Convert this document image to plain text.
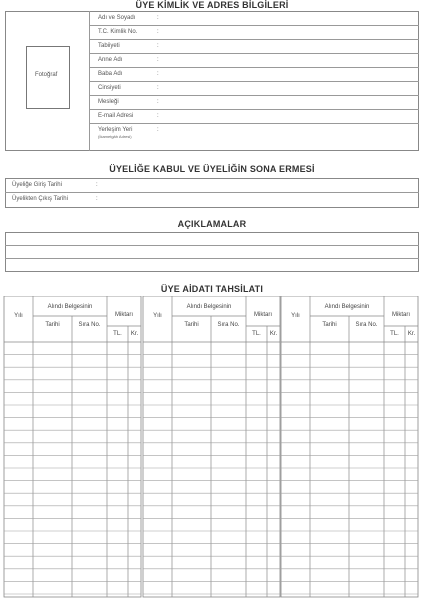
ÜYE KİMLİK VE ADRES BİLGİLERİ
Fotoğraf
Adı ve Soyadı	:
T.C. Kimlik No.	:
Tabiiyeti	:
Anne Adı	:
Baba Adı	:
Cinsiyeti	:
Mesleği	:
E-mail Adresi	:
Yerleşim Yeri	:
(İkametgâh Adresi)
ÜYELİĞE KABUL VE ÜYELİĞİN SONA ERMESİ
Üyeliğe Giriş Tarihi	:
Üyelikten Çıkış Tarihi	:
AÇIKLAMALAR
ÜYE AİDATI TAHSİLATI
Yılı
Alındı Belgesinin
Tarihi	Sıra No.
Miktarı
TL. Kr.
Yılı
Alındı Belgesinin
Tarihi	Sıra No.
Miktarı
TL. Kr.
Yılı
Alındı Belgesinin
Tarihi	Sıra No.
Miktarı
TL. Kr.
